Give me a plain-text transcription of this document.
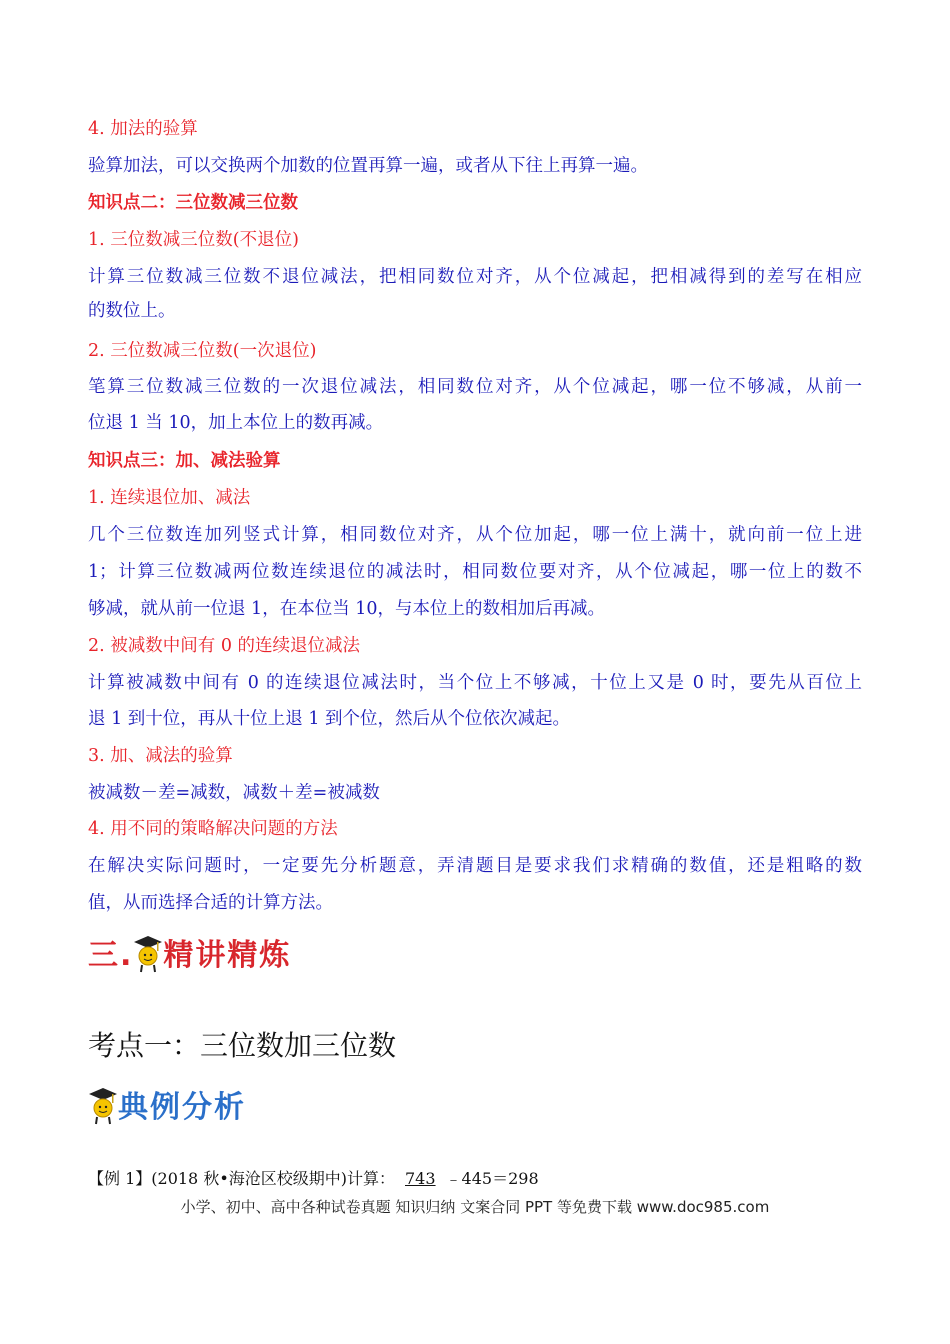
4. 加法的验算
验算加法，可以交换两个加数的位置再算一遍，或者从下往上再算一遍。
知识点二：三位数减三位数
1. 三位数减三位数(不退位)
计算三位数减三位数不退位减法，把相同数位对齐，从个位减起，把相减得到的差写在相应
的数位上。
2. 三位数减三位数(一次退位)
笔算三位数减三位数的一次退位减法，相同数位对齐，从个位减起，哪一位不够减，从前一
位退 1 当 10，加上本位上的数再减。
知识点三：加、减法验算
1. 连续退位加、减法
几个三位数连加列竖式计算，相同数位对齐，从个位加起，哪一位上满十，就向前一位上进
1；计算三位数减两位数连续退位的减法时，相同数位要对齐，从个位减起，哪一位上的数不
够减，就从前一位退 1，在本位当 10，与本位上的数相加后再减。
2. 被减数中间有 0 的连续退位减法
计算被减数中间有 0 的连续退位减法时，当个位上不够减，十位上又是 0 时，要先从百位上
退 1 到十位，再从十位上退 1 到个位，然后从个位依次减起。
3. 加、减法的验算
被减数－差=减数，减数＋差=被减数
4. 用不同的策略解决问题的方法
在解决实际问题时，一定要先分析题意，弄清题目是要求我们求精确的数值，还是粗略的数
值，从而选择合适的计算方法。
三. 精讲精炼
考点一：三位数加三位数
典例分析
【例 1】(2018 秋•海沧区校级期中)计算： 743 ﹣445＝298
小学、初中、高中各种试卷真题 知识归纳 文案合同 PPT 等免费下载 www.doc985.com
